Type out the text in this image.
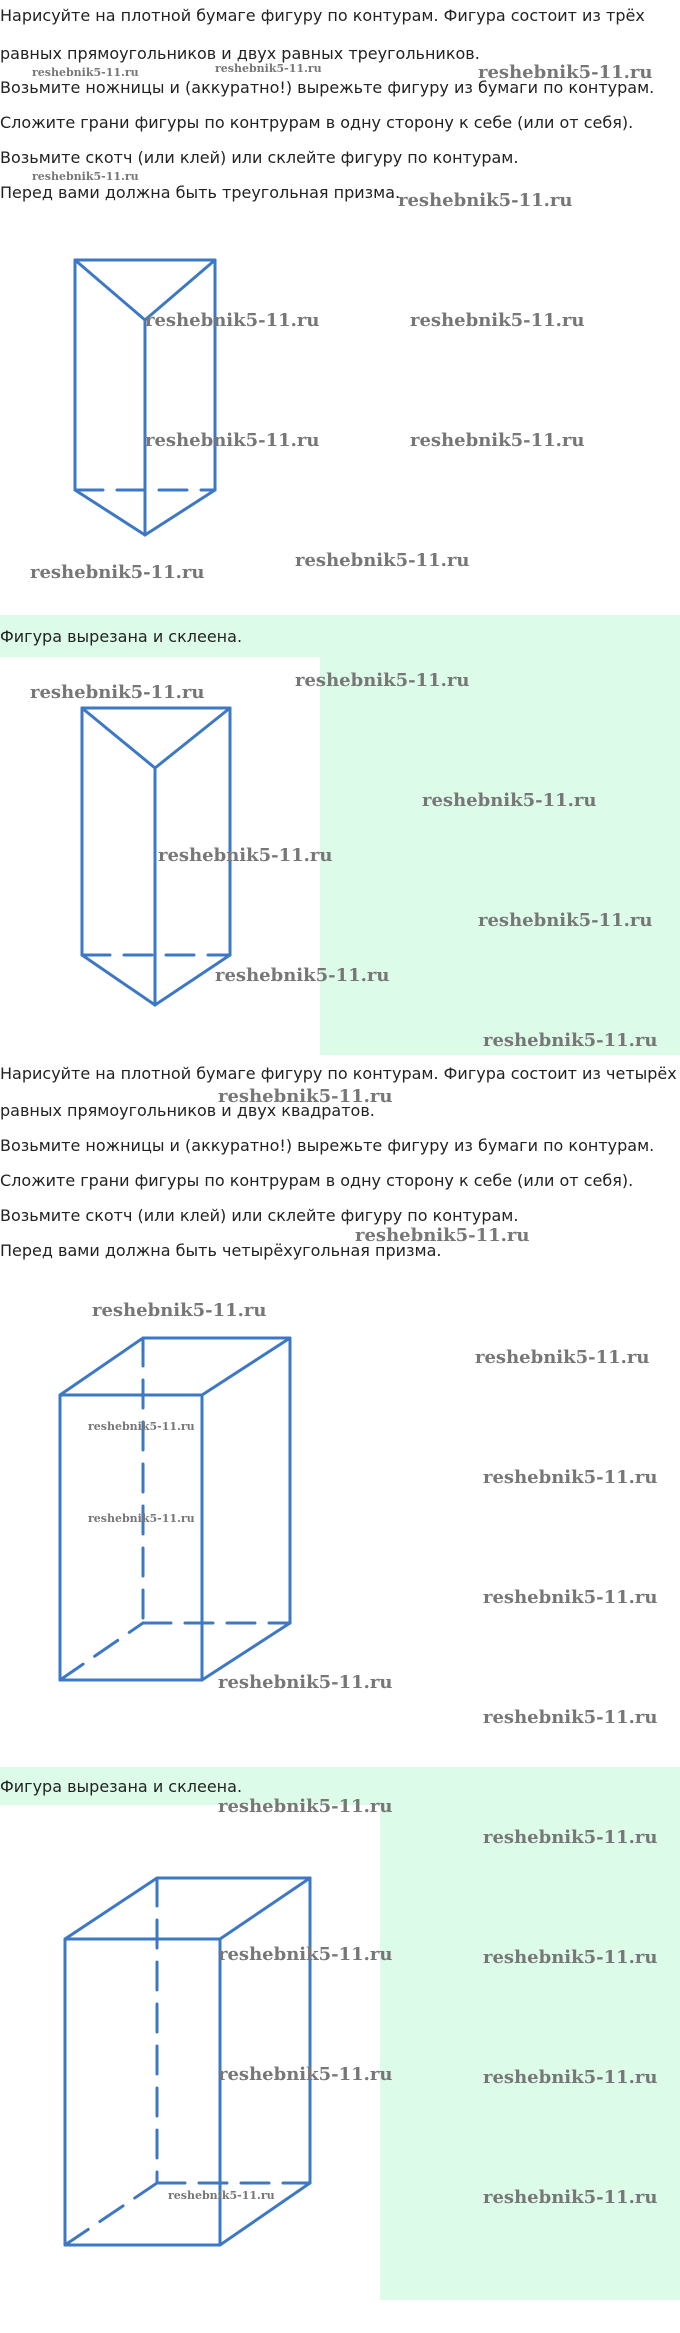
Нарисуйте на плотной бумаге фигуру по контурам. Фигура состоит из трёх

равных прямоугольников и двух равных треугольников.

Возьмите ножницы и (аккуратно!) вырежьте фигуру из бумаги по контурам.

Сложите грани фигуры по контрурам в одну сторону к себе (или от себя).

Возьмите скотч (или клей) или склейте фигуру по контурам.

Перед вами должна быть треугольная призма.

Фигура вырезана и склеена.

Нарисуйте на плотной бумаге фигуру по контурам. Фигура состоит из четырёх

равных прямоугольников и двух квадратов.

Возьмите ножницы и (аккуратно!) вырежьте фигуру из бумаги по контурам.

Сложите грани фигуры по контрурам в одну сторону к себе (или от себя).

Возьмите скотч (или клей) или склейте фигуру по контурам.

Перед вами должна быть четырёхугольная призма.

Фигура вырезана и склеена.

reshebnik5-11.ru	reshebnik5-11.ru	reshebnik5-11.ru
reshebnik5-11.ru
reshebnik5-11.ru
reshebnik5-11.ru	reshebnik5-11.ru
reshebnik5-11.ru	reshebnik5-11.ru
reshebnik5-11.ru
reshebnik5-11.ru
reshebnik5-11.ru
reshebnik5-11.ru
reshebnik5-11.ru
reshebnik5-11.ru
reshebnik5-11.ru
reshebnik5-11.ru
reshebnik5-11.ru
reshebnik5-11.ru
reshebnik5-11.ru
reshebnik5-11.ru
reshebnik5-11.ru
reshebnik5-11.ru
reshebnik5-11.ru
reshebnik5-11.ru
reshebnik5-11.ru
reshebnik5-11.ru
reshebnik5-11.ru
reshebnik5-11.ru
reshebnik5-11.ru
reshebnik5-11.ru	reshebnik5-11.ru
reshebnik5-11.ru	reshebnik5-11.ru
reshebnik5-11.ru	reshebnik5-11.ru
